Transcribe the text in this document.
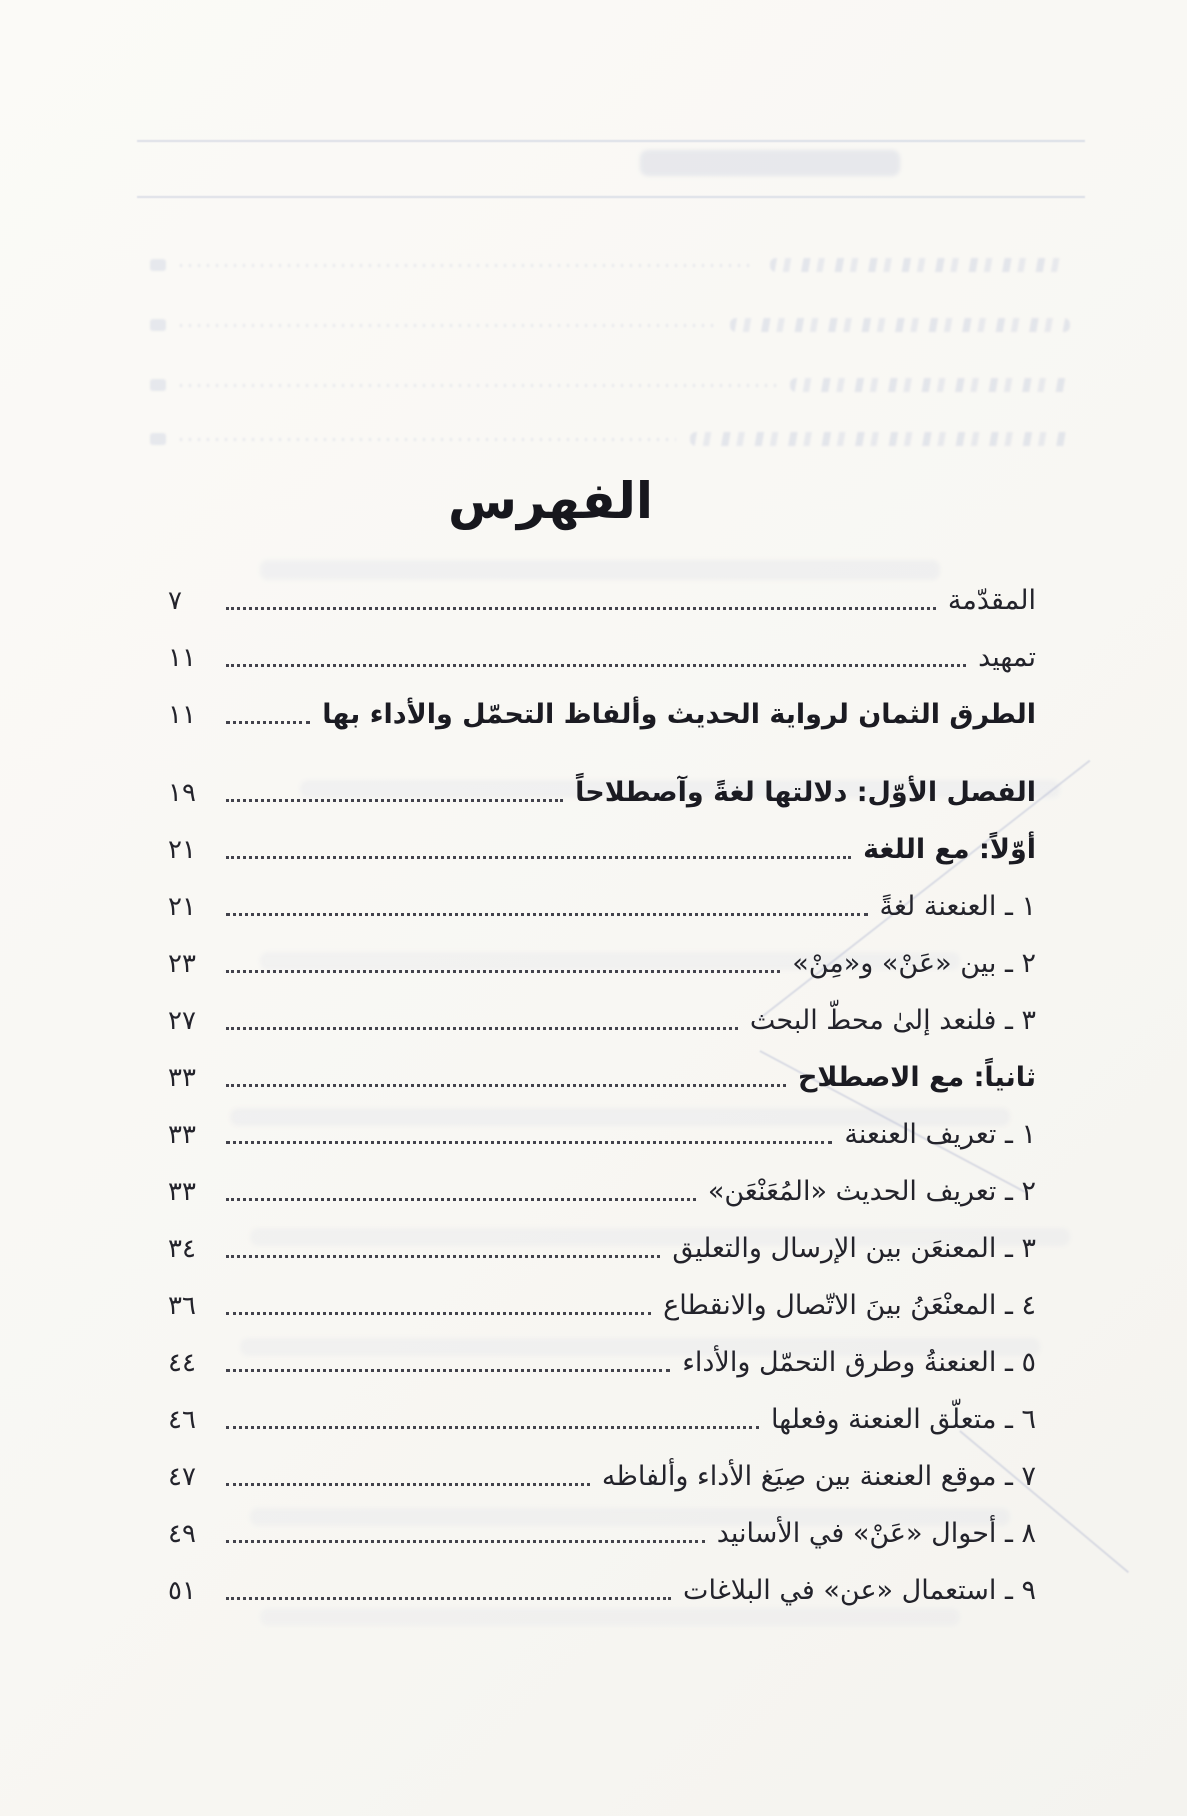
الفهرس
المقدّمة
٧
تمهيد
١١
الطرق الثمان لرواية الحديث وألفاظ التحمّل والأداء بها
١١
الفصل الأوّل: دلالتها لغةً وآصطلاحاً
١٩
أوّلاً: مع اللغة
٢١
١ ـ العنعنة لغةً
٢١
٢ ـ بين «عَنْ» و«مِنْ»
٢٣
٣ ـ فلنعد إلىٰ محطّ البحث
٢٧
ثانياً: مع الاصطلاح
٣٣
١ ـ تعريف العنعنة
٣٣
٢ ـ تعريف الحديث «المُعَنْعَن»
٣٣
٣ ـ المعنعَن بين الإرسال والتعليق
٣٤
٤ ـ المعنْعَنُ بينَ الاتّصال والانقطاع
٣٦
٥ ـ العنعنةُ وطرق التحمّل والأداء
٤٤
٦ ـ متعلّق العنعنة وفعلها
٤٦
٧ ـ موقع العنعنة بين صِيَغ الأداء وألفاظه
٤٧
٨ ـ أحوال «عَنْ» في الأسانيد
٤٩
٩ ـ استعمال «عن» في البلاغات
٥١
